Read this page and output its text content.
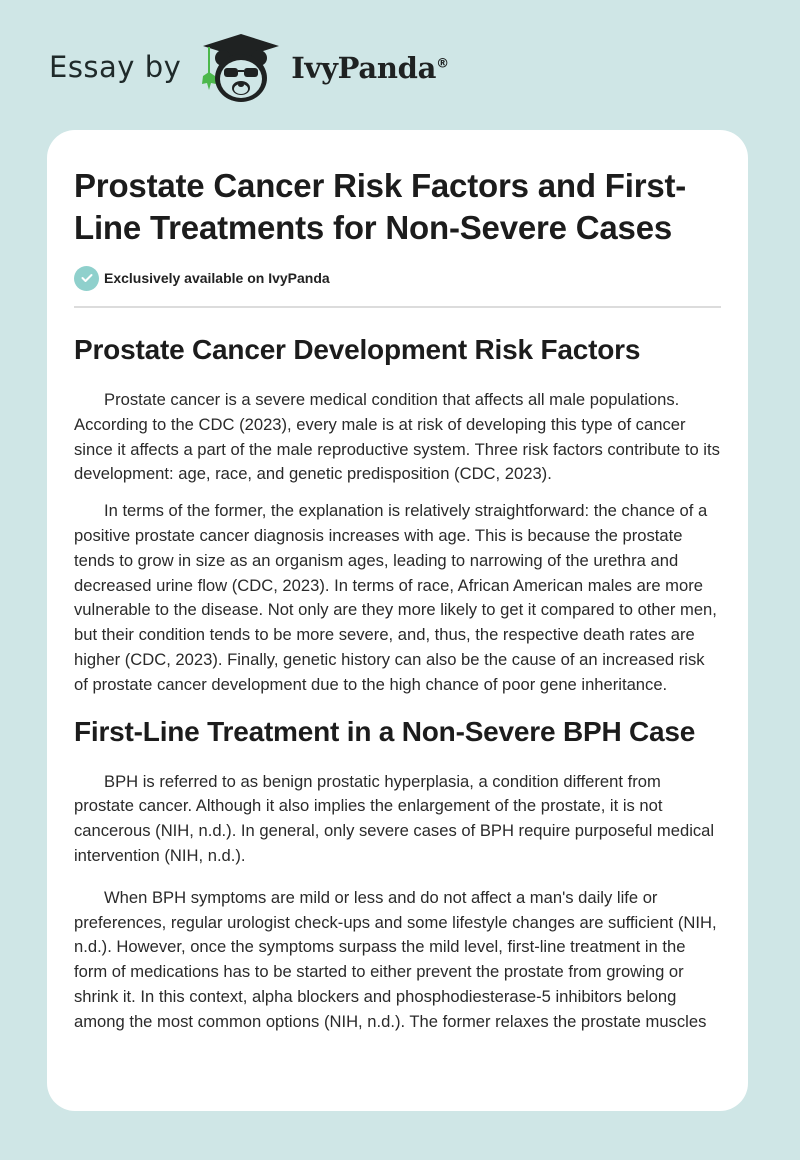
Essay by	IvyPanda®
Prostate Cancer Risk Factors and First-Line Treatments for Non-Severe Cases
Exclusively available on IvyPanda
Prostate Cancer Development Risk Factors

Prostate cancer is a severe medical condition that affects all male populations. According to the CDC (2023), every male is at risk of developing this type of cancer since it affects a part of the male reproductive system. Three risk factors contribute to its development: age, race, and genetic predisposition (CDC, 2023).

In terms of the former, the explanation is relatively straightforward: the chance of a positive prostate cancer diagnosis increases with age. This is because the prostate tends to grow in size as an organism ages, leading to narrowing of the urethra and decreased urine flow (CDC, 2023). In terms of race, African American males are more vulnerable to the disease. Not only are they more likely to get it compared to other men, but their condition tends to be more severe, and, thus, the respective death rates are higher (CDC, 2023). Finally, genetic history can also be the cause of an increased risk of prostate cancer development due to the high chance of poor gene inheritance.

First-Line Treatment in a Non-Severe BPH Case

BPH is referred to as benign prostatic hyperplasia, a condition different from prostate cancer. Although it also implies the enlargement of the prostate, it is not cancerous (NIH, n.d.). In general, only severe cases of BPH require purposeful medical intervention (NIH, n.d.).

When BPH symptoms are mild or less and do not affect a man's daily life or preferences, regular urologist check-ups and some lifestyle changes are sufficient (NIH, n.d.). However, once the symptoms surpass the mild level, first-line treatment in the form of medications has to be started to either prevent the prostate from growing or shrink it. In this context, alpha blockers and phosphodiesterase-5 inhibitors belong among the most common options (NIH, n.d.). The former relaxes the prostate muscles
